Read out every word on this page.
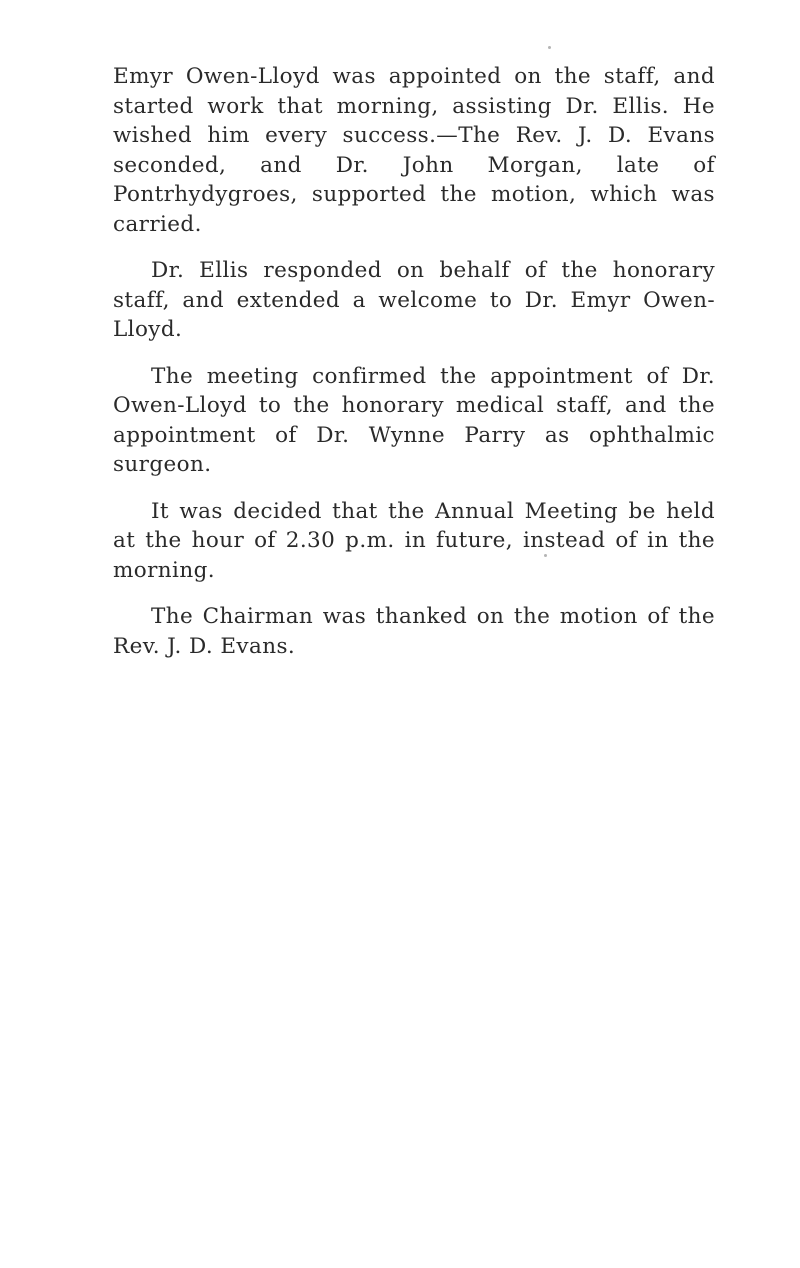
Emyr Owen-Lloyd was appointed on the staff, and started work that morning, assisting Dr. Ellis. He wished him every success.—The Rev. J. D. Evans seconded, and Dr. John Morgan, late of Pontrhydygroes, supported the motion, which was carried.

Dr. Ellis responded on behalf of the honorary staff, and extended a welcome to Dr. Emyr Owen-Lloyd.

The meeting confirmed the appointment of Dr. Owen-Lloyd to the honorary medical staff, and the appointment of Dr. Wynne Parry as ophthalmic surgeon.

It was decided that the Annual Meeting be held at the hour of 2.30 p.m. in future, instead of in the morning.

The Chairman was thanked on the motion of the Rev. J. D. Evans.
